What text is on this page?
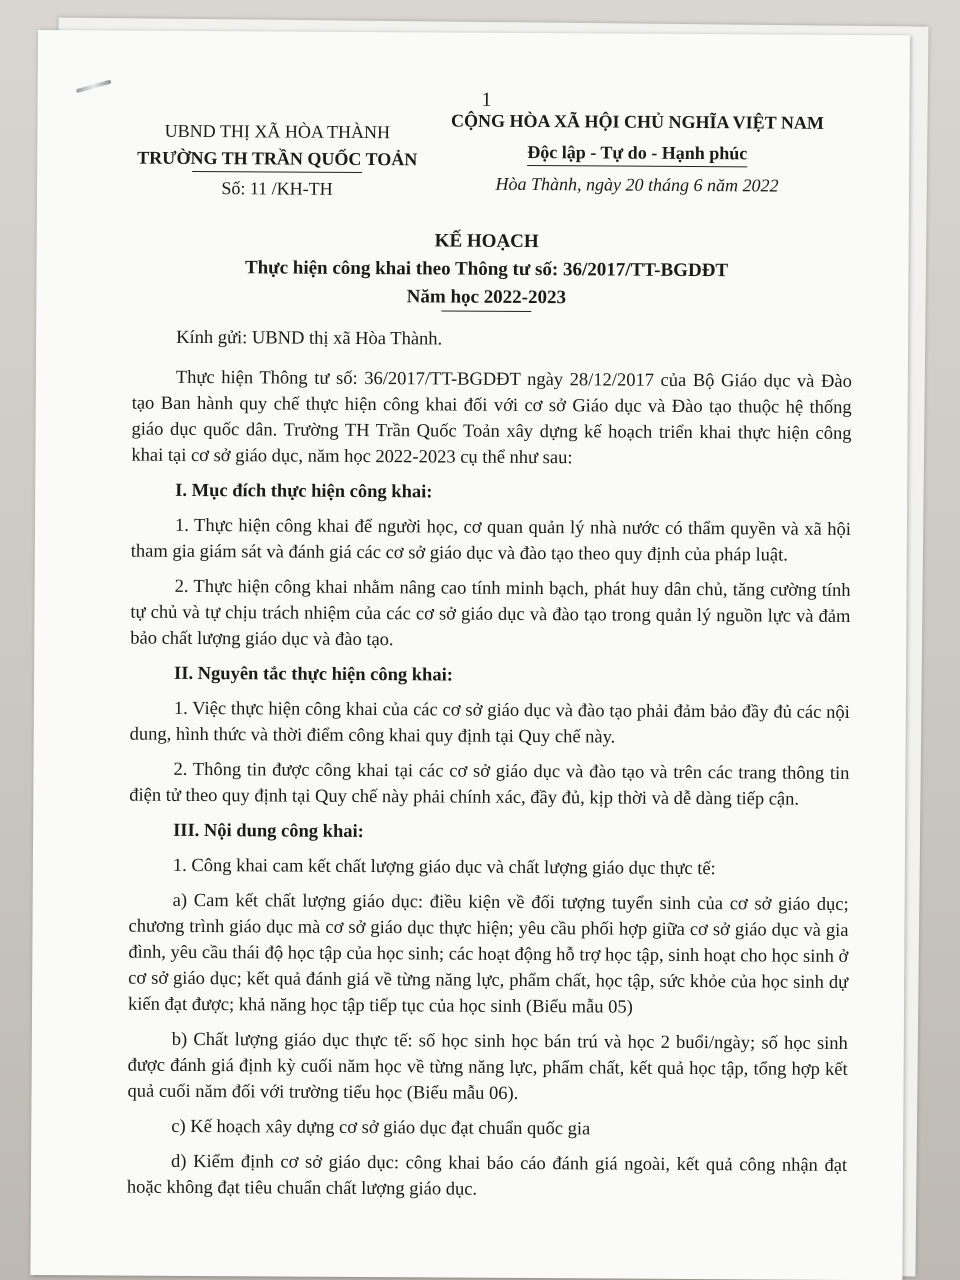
1
UBND THỊ XÃ HÒA THÀNH
TRƯỜNG TH TRẦN QUỐC TOẢN
Số: 11 /KH-TH
CỘNG HÒA XÃ HỘI CHỦ NGHĨA VIỆT NAM
Độc lập - Tự do - Hạnh phúc
Hòa Thành, ngày 20 tháng 6 năm 2022
KẾ HOẠCH
Thực hiện công khai theo Thông tư số: 36/2017/TT-BGDĐT
Năm học 2022-2023

Kính gửi: UBND thị xã Hòa Thành.

Thực hiện Thông tư số: 36/2017/TT-BGDĐT ngày 28/12/2017 của Bộ Giáo dục và Đào tạo Ban hành quy chế thực hiện công khai đối với cơ sở Giáo dục và Đào tạo thuộc hệ thống giáo dục quốc dân. Trường TH Trần Quốc Toản xây dựng kế hoạch triển khai thực hiện công khai tại cơ sở giáo dục, năm học 2022-2023 cụ thể như sau:

I. Mục đích thực hiện công khai:

1. Thực hiện công khai để người học, cơ quan quản lý nhà nước có thẩm quyền và xã hội tham gia giám sát và đánh giá các cơ sở giáo dục và đào tạo theo quy định của pháp luật.

2. Thực hiện công khai nhằm nâng cao tính minh bạch, phát huy dân chủ, tăng cường tính tự chủ và tự chịu trách nhiệm của các cơ sở giáo dục và đào tạo trong quản lý nguồn lực và đảm bảo chất lượng giáo dục và đào tạo.

II. Nguyên tắc thực hiện công khai:

1. Việc thực hiện công khai của các cơ sở giáo dục và đào tạo phải đảm bảo đầy đủ các nội dung, hình thức và thời điểm công khai quy định tại Quy chế này.

2. Thông tin được công khai tại các cơ sở giáo dục và đào tạo và trên các trang thông tin điện tử theo quy định tại Quy chế này phải chính xác, đầy đủ, kịp thời và dễ dàng tiếp cận.

III. Nội dung công khai:

1. Công khai cam kết chất lượng giáo dục và chất lượng giáo dục thực tế:

a) Cam kết chất lượng giáo dục: điều kiện về đối tượng tuyển sinh của cơ sở giáo dục; chương trình giáo dục mà cơ sở giáo dục thực hiện; yêu cầu phối hợp giữa cơ sở giáo dục và gia đình, yêu cầu thái độ học tập của học sinh; các hoạt động hỗ trợ học tập, sinh hoạt cho học sinh ở cơ sở giáo dục; kết quả đánh giá về từng năng lực, phẩm chất, học tập, sức khỏe của học sinh dự kiến đạt được; khả năng học tập tiếp tục của học sinh (Biểu mẫu 05)

b) Chất lượng giáo dục thực tế: số học sinh học bán trú và học 2 buổi/ngày; số học sinh được đánh giá định kỳ cuối năm học về từng năng lực, phẩm chất, kết quả học tập, tổng hợp kết quả cuối năm đối với trường tiểu học (Biểu mẫu 06).

c) Kế hoạch xây dựng cơ sở giáo dục đạt chuẩn quốc gia

d) Kiểm định cơ sở giáo dục: công khai báo cáo đánh giá ngoài, kết quả công nhận đạt hoặc không đạt tiêu chuẩn chất lượng giáo dục.
